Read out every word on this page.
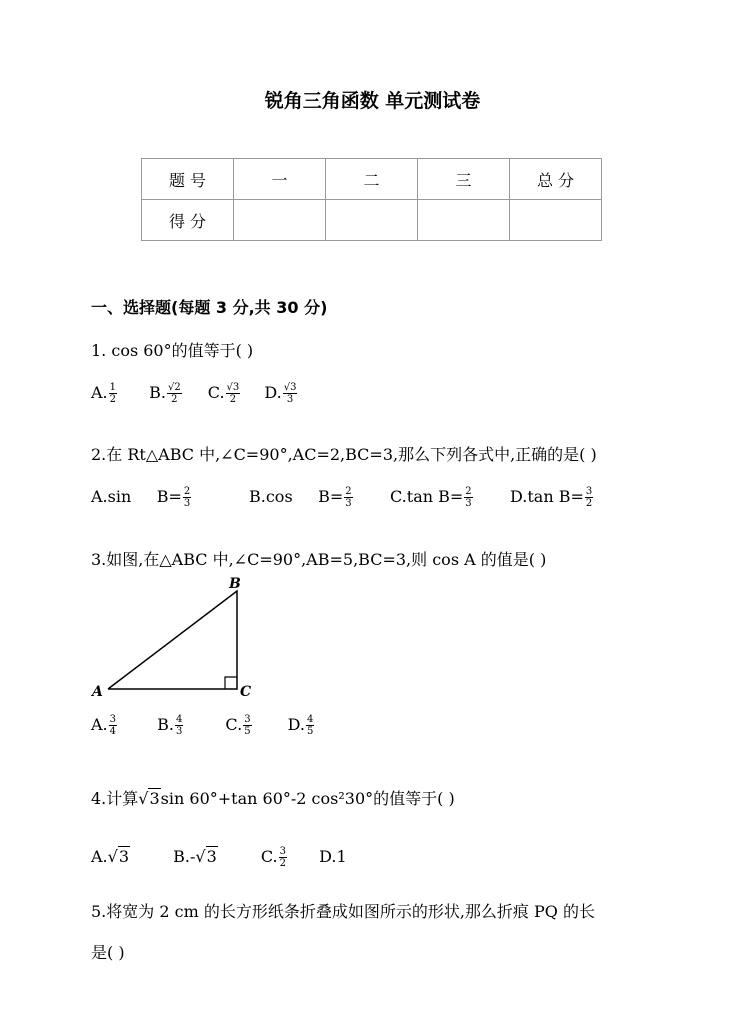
锐角三角函数 单元测试卷
题 号	一	二	三	总 分
得 分				
一、选择题(每题 3 分,共 30 分)
1. cos 60°的值等于( )
A. $\frac{1}{2} B$. $\frac{√2}{2} C$. $\frac{√3}{2} D$. $\frac{√3}{3}$
2.在 Rt△ABC 中,∠C=90°,AC=2,BC=3,那么下列各式中,正确的是( )
A.sin     $B= \frac{2}{3}$	B.cos     $B= \frac{2}{3} C.\tan$ $B= \frac{2}{3} D.\tan$ $B= \frac{3}{2}$
3.如图,在△ABC 中,∠C=90°,AB=5,BC=3,则 cos A 的值是( )
A
B
C
A. $\frac{3}{4}$	B. $\frac{4}{3}$	C. $\frac{3}{5} D$. $\frac{4}{5}$
4.计算√3sin 60°+tan 60°-2 cos²30°的值等于( )
A.√3	B.-√3	C. $\frac{3}{2} D.1$
5.将宽为 2 cm 的长方形纸条折叠成如图所示的形状,那么折痕 PQ 的长
是( )
